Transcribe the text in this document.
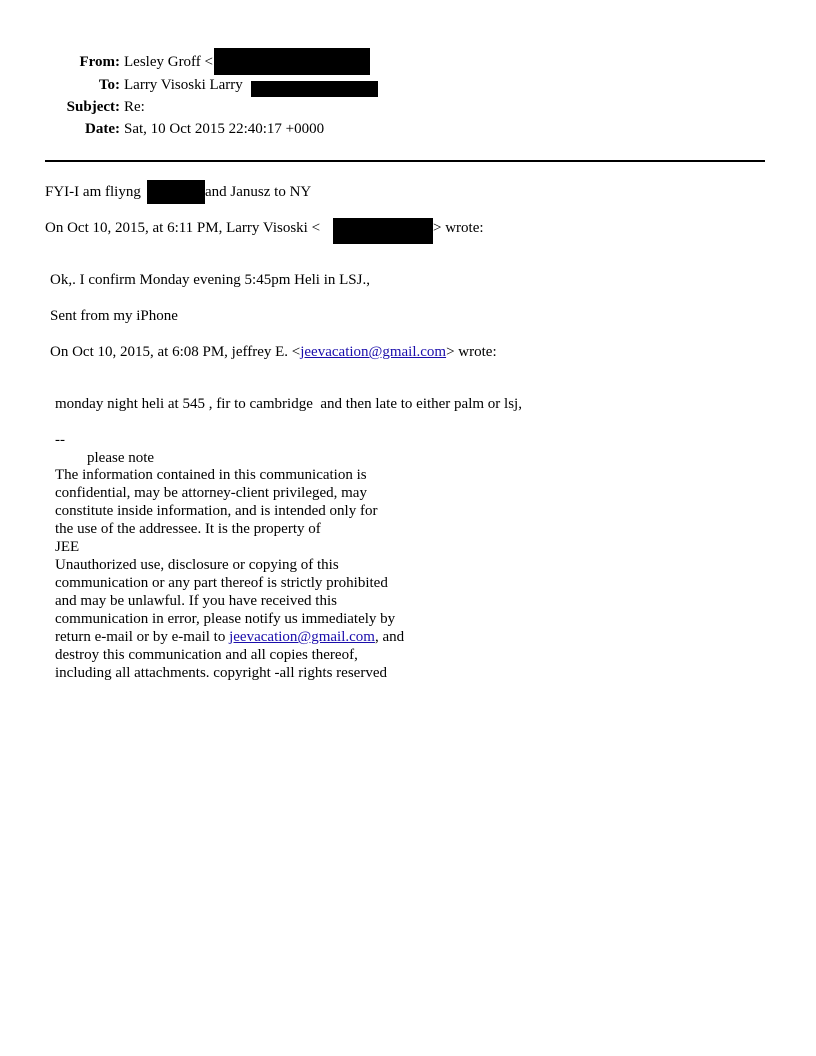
From: Lesley Groff <
To: Larry Visoski Larry
Subject: Re:
Date: Sat, 10 Oct 2015 22:40:17 +0000
FYI-I am fliyng	and Janusz to NY
On Oct 10, 2015, at 6:11 PM, Larry Visoski <	> wrote:
Ok,. I confirm Monday evening 5:45pm Heli in LSJ.,
Sent from my iPhone
On Oct 10, 2015, at 6:08 PM, jeffrey E. <jeevacation@gmail.com> wrote:
monday night heli at 545 , fir to cambridge  and then late to either palm or lsj,
--
please note
The information contained in this communication is
confidential, may be attorney-client privileged, may
constitute inside information, and is intended only for
the use of the addressee. It is the property of
JEE
Unauthorized use, disclosure or copying of this
communication or any part thereof is strictly prohibited
and may be unlawful. If you have received this
communication in error, please notify us immediately by
return e-mail or by e-mail to jeevacation@gmail.com, and
destroy this communication and all copies thereof,
including all attachments. copyright -all rights reserved
